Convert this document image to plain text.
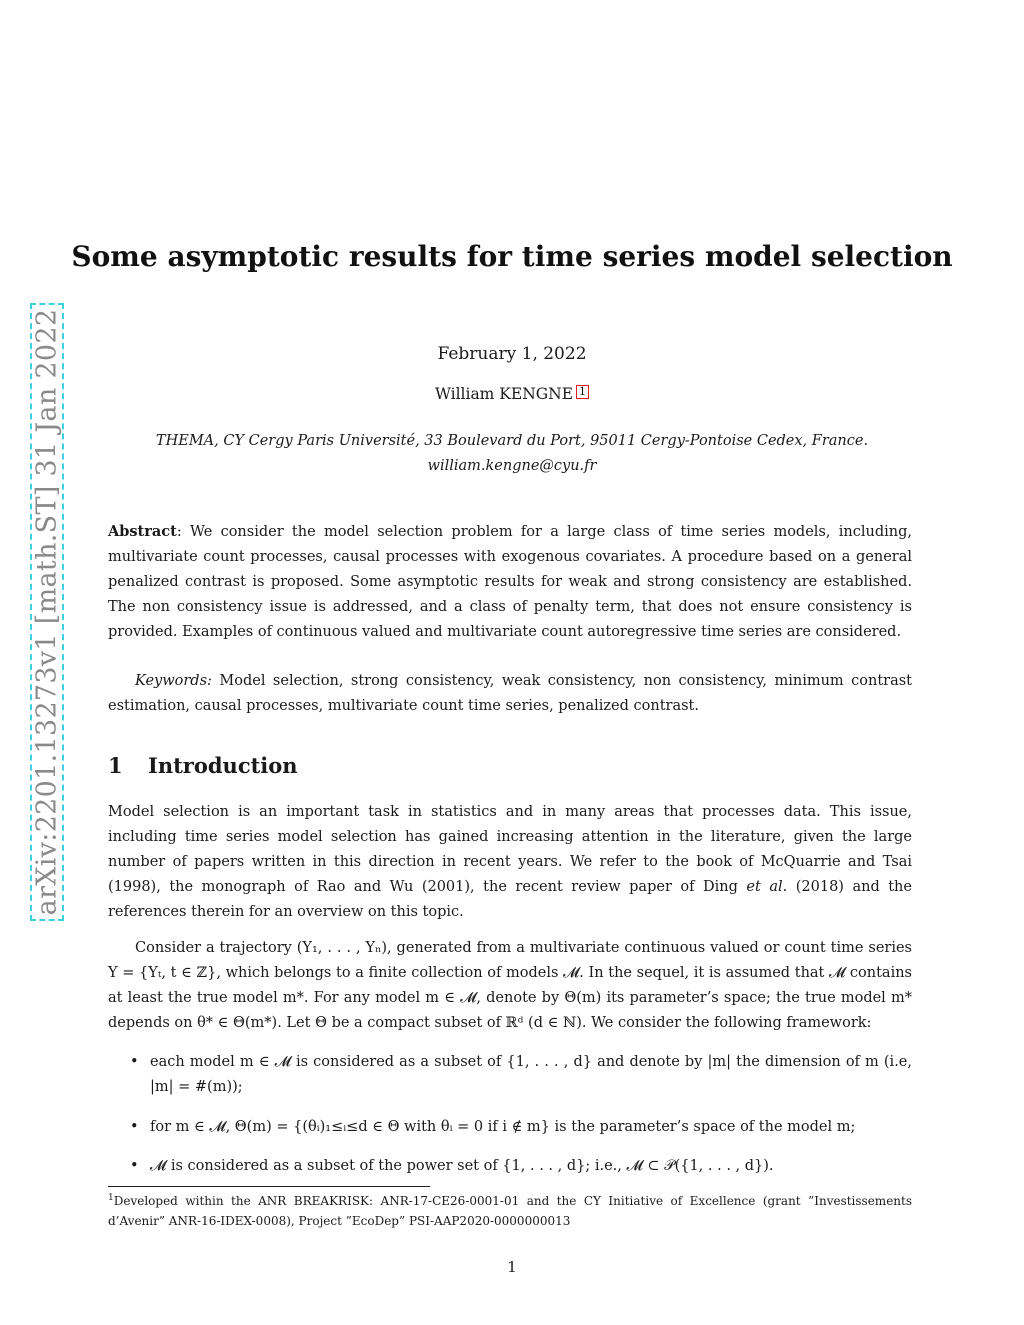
arXiv:2201.13273v1 [math.ST] 31 Jan 2022
Some asymptotic results for time series model selection
February 1, 2022
William KENGNE 1
THEMA, CY Cergy Paris Université, 33 Boulevard du Port, 95011 Cergy-Pontoise Cedex, France.
william.kengne@cyu.fr
Abstract: We consider the model selection problem for a large class of time series models, including, multivariate count processes, causal processes with exogenous covariates. A procedure based on a general penalized contrast is proposed. Some asymptotic results for weak and strong consistency are established. The non consistency issue is addressed, and a class of penalty term, that does not ensure consistency is provided. Examples of continuous valued and multivariate count autoregressive time series are considered.
Keywords: Model selection, strong consistency, weak consistency, non consistency, minimum contrast estimation, causal processes, multivariate count time series, penalized contrast.
1 Introduction
Model selection is an important task in statistics and in many areas that processes data. This issue, including time series model selection has gained increasing attention in the literature, given the large number of papers written in this direction in recent years. We refer to the book of McQuarrie and Tsai (1998), the monograph of Rao and Wu (2001), the recent review paper of Ding et al. (2018) and the references therein for an overview on this topic.
Consider a trajectory (Y₁, . . . , Yₙ), generated from a multivariate continuous valued or count time series Y = {Yₜ, t ∈ ℤ}, which belongs to a finite collection of models 𝓜. In the sequel, it is assumed that 𝓜 contains at least the true model m*. For any model m ∈ 𝓜, denote by Θ(m) its parameter’s space; the true model m* depends on θ* ∈ Θ(m*). Let Θ be a compact subset of ℝᵈ (d ∈ ℕ). We consider the following framework:
• each model m ∈ 𝓜 is considered as a subset of {1, . . . , d} and denote by |m| the dimension of m (i.e, |m| = #(m));
• for m ∈ 𝓜, Θ(m) = {(θᵢ)₁≤ᵢ≤d ∈ Θ with θᵢ = 0 if i ∉ m} is the parameter’s space of the model m;
• 𝓜 is considered as a subset of the power set of {1, . . . , d}; i.e., 𝓜 ⊂ 𝒫({1, . . . , d}).
$^1$Developed within the ANR BREAKRISK: ANR-17-CE26-0001-01 and the CY Initiative of Excellence (grant ”Investissements d’Avenir” ANR-16-IDEX-0008), Project ”EcoDep” PSI-AAP2020-0000000013
1
